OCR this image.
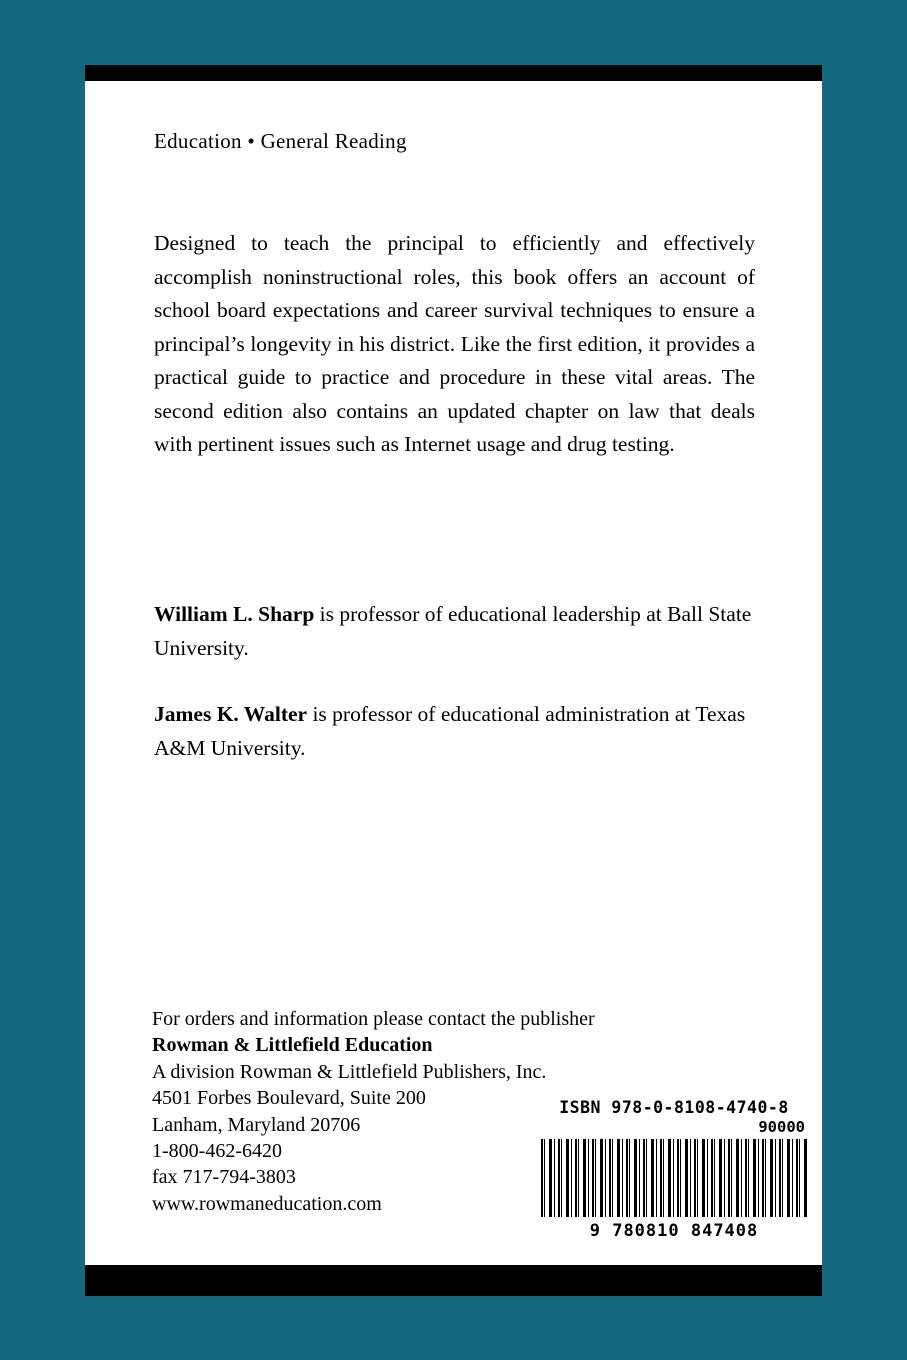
Education • General Reading
Designed to teach the principal to efficiently and effectively accomplish noninstructional roles, this book offers an account of school board expectations and career survival techniques to ensure a principal’s longevity in his district. Like the first edition, it provides a practical guide to practice and procedure in these vital areas. The second edition also contains an updated chapter on law that deals with pertinent issues such as Internet usage and drug testing.
William L. Sharp is professor of educational leadership at Ball State University.
James K. Walter is professor of educational administration at Texas A&M University.
For orders and information please contact the publisher
Rowman & Littlefield Education
A division Rowman & Littlefield Publishers, Inc.
4501 Forbes Boulevard, Suite 200
Lanham, Maryland 20706
1-800-462-6420
fax 717-794-3803
www.rowmaneducation.com
ISBN 978-0-8108-4740-8
90000
9 780810 847408
